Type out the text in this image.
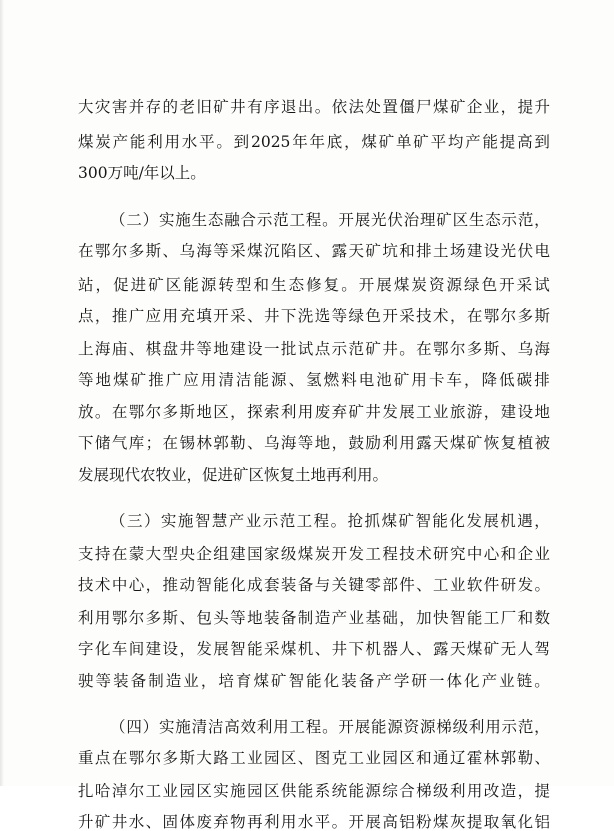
大 灾 害 并 存 的 老 旧 矿 井 有 序 退 出 。 依 法 处 置 僵 尸 煤 矿 企 业 ， 提 升
煤 炭 产 能 利 用 水 平 。 到 2025 年 年 底 ， 煤 矿 单 矿 平 均 产 能 提 高 到
300万吨/年以上。
（ 二 ） 实 施 生 态 融 合 示 范 工 程 。 开 展 光 伏 治 理 矿 区 生 态 示 范 ，
在 鄂 尔 多 斯 、 乌 海 等 采 煤 沉 陷 区 、 露 天 矿 坑 和 排 土 场 建 设 光 伏 电
站 ， 促 进 矿 区 能 源 转 型 和 生 态 修 复 。 开 展 煤 炭 资 源 绿 色 开 采 试
点 ， 推 广 应 用 充 填 开 采 、 井 下 洗 选 等 绿 色 开 采 技 术 ， 在 鄂 尔 多 斯
上 海 庙 、 棋 盘 井 等 地 建 设 一 批 试 点 示 范 矿 井 。 在 鄂 尔 多 斯 、 乌 海
等 地 煤 矿 推 广 应 用 清 洁 能 源 、 氢 燃 料 电 池 矿 用 卡 车 ， 降 低 碳 排
放 。 在 鄂 尔 多 斯 地 区 ， 探 索 利 用 废 弃 矿 井 发 展 工 业 旅 游 ， 建 设 地
下 储 气 库 ； 在 锡 林 郭 勒 、 乌 海 等 地 ， 鼓 励 利 用 露 天 煤 矿 恢 复 植 被
发展现代农牧业，促进矿区恢复土地再利用。
（ 三 ） 实 施 智 慧 产 业 示 范 工 程 。 抢 抓 煤 矿 智 能 化 发 展 机 遇 ，
支 持 在 蒙 大 型 央 企 组 建 国 家 级 煤 炭 开 发 工 程 技 术 研 究 中 心 和 企 业
技 术 中 心 ， 推 动 智 能 化 成 套 装 备 与 关 键 零 部 件 、 工 业 软 件 研 发 。
利 用 鄂 尔 多 斯 、 包 头 等 地 装 备 制 造 产 业 基 础 ， 加 快 智 能 工 厂 和 数
字 化 车 间 建 设 ， 发 展 智 能 采 煤 机 、 井 下 机 器 人 、 露 天 煤 矿 无 人 驾
驶 等 装 备 制 造 业 ， 培 育 煤 矿 智 能 化 装 备 产 学 研 一 体 化 产 业 链 。
（ 四 ） 实 施 清 洁 高 效 利 用 工 程 。 开 展 能 源 资 源 梯 级 利 用 示 范 ，
重 点 在 鄂 尔 多 斯 大 路 工 业 园 区 、 图 克 工 业 园 区 和 通 辽 霍 林 郭 勒 、
扎 哈 淖 尔 工 业 园 区 实 施 园 区 供 能 系 统 能 源 综 合 梯 级 利 用 改 造 ， 提
升 矿 井 水 、 固 体 废 弃 物 再 利 用 水 平 。 开 展 高 铝 粉 煤 灰 提 取 氧 化 铝
